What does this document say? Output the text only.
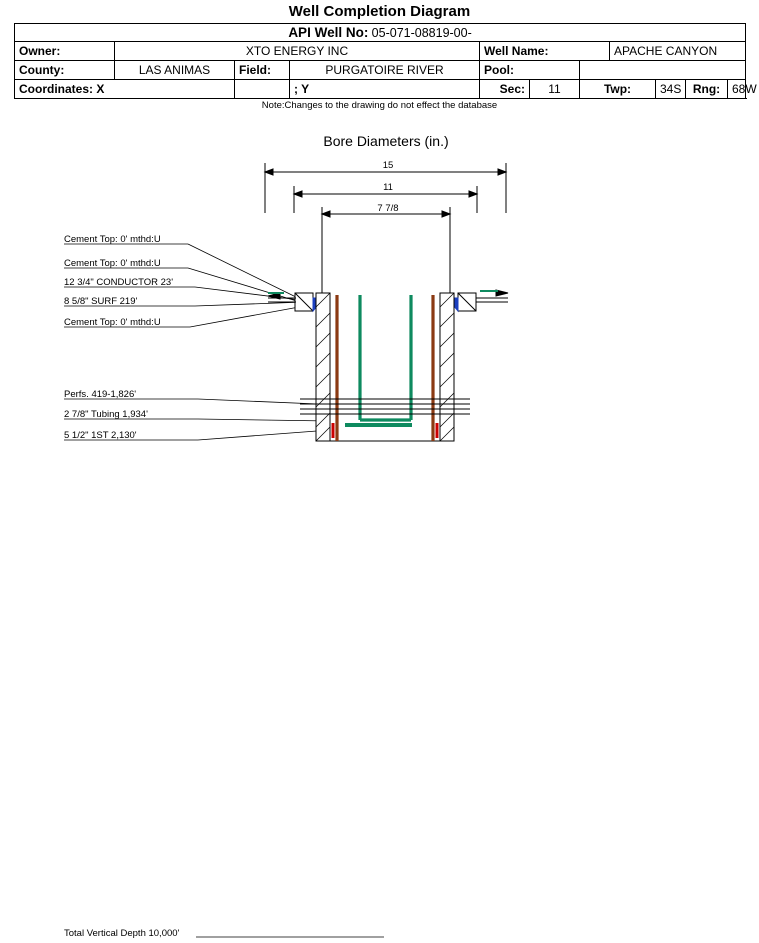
Well Completion Diagram
API Well No: 05-071-08819-00-										
Owner:	XTO ENERGY INC			Well Name:			APACHE CANYON			
County:	LAS ANIMAS	Field:	PURGATOIRE RIVER	Pool:						
Coordinates: X			; Y	Sec:	11	Twp:		34S	Rng:	68W
Note:Changes to the drawing do not effect the database
Bore Diameters (in.)
15
11
7 7/8
Cement Top: 0' mthd:U
Cement Top: 0' mthd:U
12 3/4" CONDUCTOR 23'
8 5/8" SURF 219'
Cement Top: 0' mthd:U
Perfs. 419-1,826'
2 7/8" Tubing 1,934'
5 1/2" 1ST 2,130'
Total Vertical Depth 10,000'
